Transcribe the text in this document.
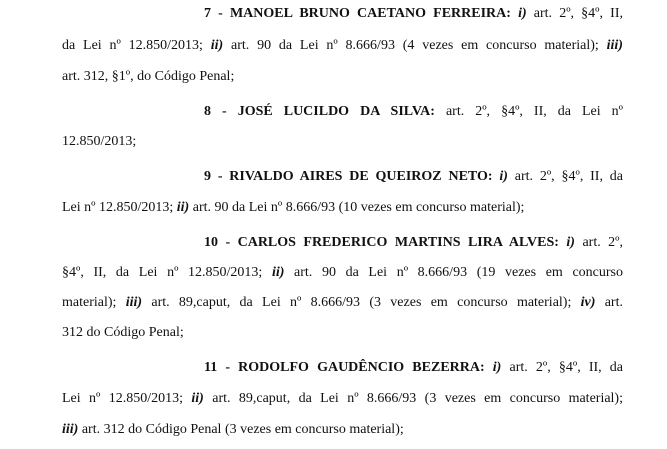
7 - MANOEL BRUNO CAETANO FERREIRA: i) art. 2º, §4º, II,
da Lei nº 12.850/2013; ii) art. 90 da Lei nº 8.666/93 (4 vezes em concurso material); iii)
art. 312, §1º, do Código Penal;
8 - JOSÉ LUCILDO DA SILVA: art. 2º, §4º, II, da Lei nº
12.850/2013;
9 - RIVALDO AIRES DE QUEIROZ NETO: i) art. 2º, §4º, II, da
Lei nº 12.850/2013; ii) art. 90 da Lei nº 8.666/93 (10 vezes em concurso material);
10 - CARLOS FREDERICO MARTINS LIRA ALVES: i) art. 2º,
§4º, II, da Lei nº 12.850/2013; ii) art. 90 da Lei nº 8.666/93 (19 vezes em concurso
material); iii) art. 89,caput, da Lei nº 8.666/93 (3 vezes em concurso material); iv) art.
312 do Código Penal;
11 - RODOLFO GAUDÊNCIO BEZERRA: i) art. 2º, §4º, II, da
Lei nº 12.850/2013; ii) art. 89,caput, da Lei nº 8.666/93 (3 vezes em concurso material);
iii) art. 312 do Código Penal (3 vezes em concurso material);
